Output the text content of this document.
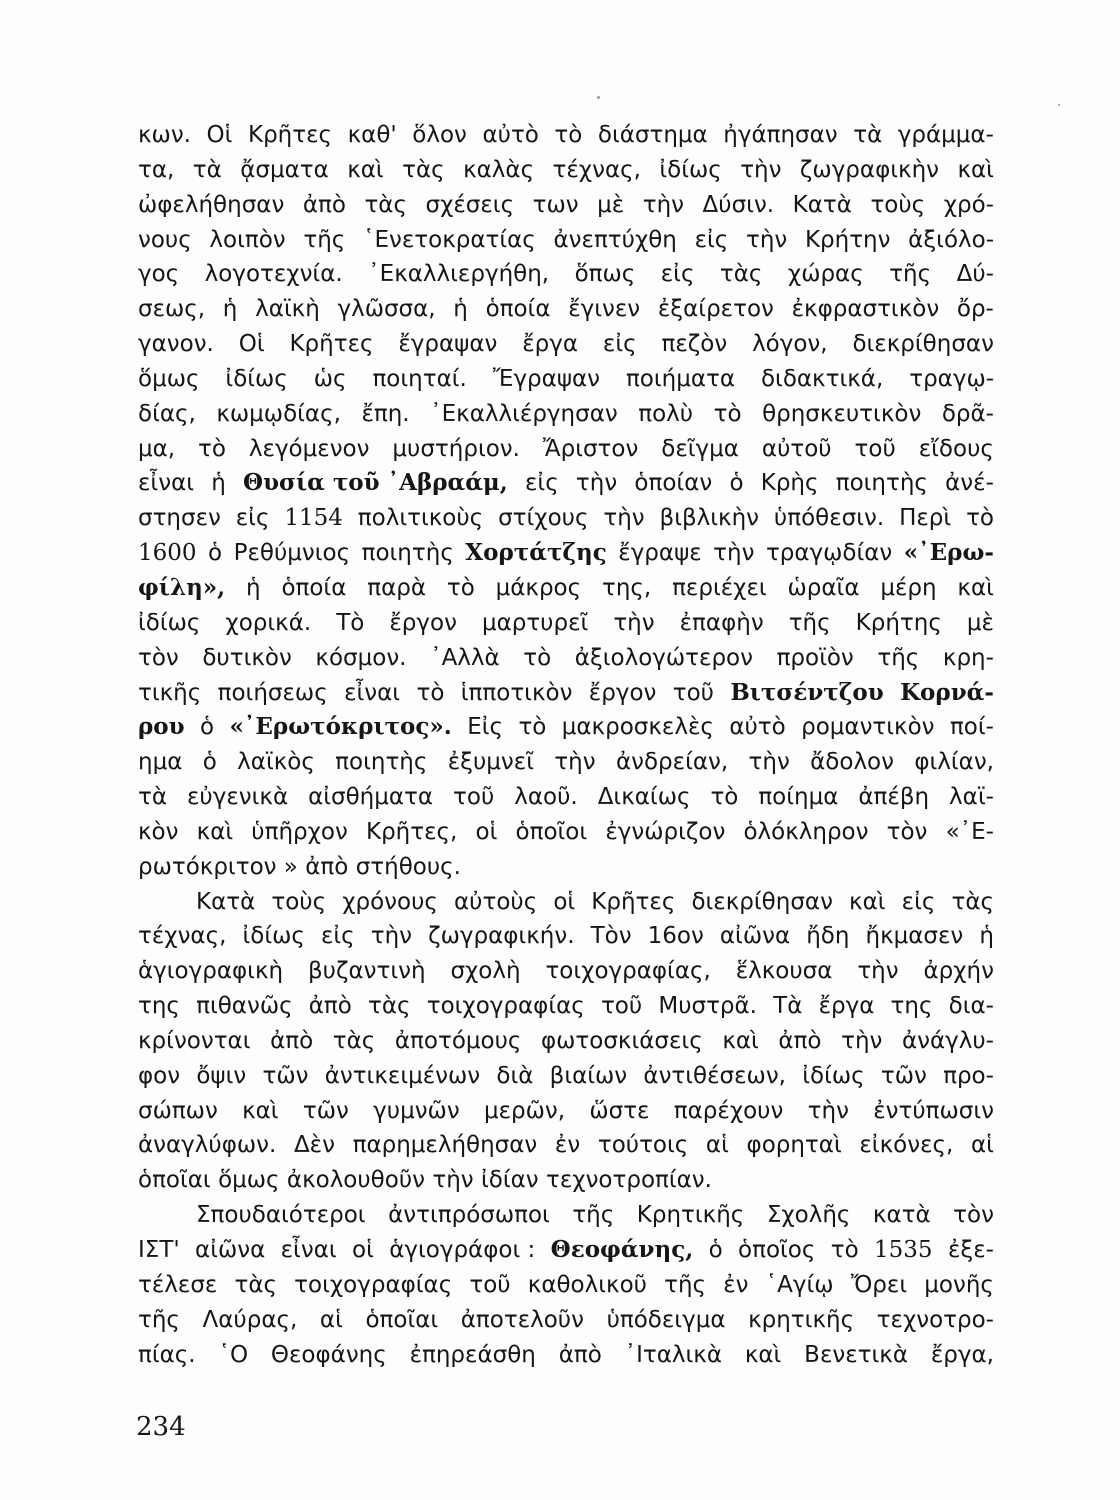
κων. Οἱ Κρῆτες καθ' ὅλον αὐτὸ τὸ διάστημα ἠγάπησαν τὰ γράμμα-
τα, τὰ ᾄσματα καὶ τὰς καλὰς τέχνας, ἰδίως τὴν ζωγραφικὴν καὶ
ὠφελήθησαν ἀπὸ τὰς σχέσεις των μὲ τὴν Δύσιν. Κατὰ τοὺς χρό-
νους λοιπὸν τῆς ῾Ενετοκρατίας ἀνεπτύχθη εἰς τὴν Κρήτην ἀξιόλο-
γος λογοτεχνία. ᾿Εκαλλιεργήθη, ὅπως εἰς τὰς χώρας τῆς Δύ-
σεως, ἡ λαϊκὴ γλῶσσα, ἡ ὁποία ἔγινεν ἐξαίρετον ἐκφραστικὸν ὄρ-
γανον. Οἱ Κρῆτες ἔγραψαν ἔργα εἰς πεζὸν λόγον, διεκρίθησαν
ὅμως ἰδίως ὡς ποιηταί. Ἔγραψαν ποιήματα διδακτικά, τραγῳ-
δίας, κωμῳδίας, ἔπη. ᾿Εκαλλιέργησαν πολὺ τὸ θρησκευτικὸν δρᾶ-
μα, τὸ λεγόμενον μυστήριον. Ἄριστον δεῖγμα αὐτοῦ τοῦ εἴδους
εἶναι ἡ Θυσία τοῦ ᾿Αβραάμ, εἰς τὴν ὁποίαν ὁ Κρὴς ποιητὴς ἀνέ-
στησεν εἰς 1154 πολιτικοὺς στίχους τὴν βιβλικὴν ὑπόθεσιν. Περὶ τὸ
1600 ὁ Ρεθύμνιος ποιητὴς Χορτάτζης ἔγραψε τὴν τραγῳδίαν «᾿Ερω-
φίλη», ἡ ὁποία παρὰ τὸ μάκρος της, περιέχει ὡραῖα μέρη καὶ
ἰδίως χορικά. Τὸ ἔργον μαρτυρεῖ τὴν ἐπαφὴν τῆς Κρήτης μὲ
τὸν δυτικὸν κόσμον. ᾿Αλλὰ τὸ ἀξιολογώτερον προϊὸν τῆς κρη-
τικῆς ποιήσεως εἶναι τὸ ἱπποτικὸν ἔργον τοῦ Βιτσέντζου Κορνά-
ρου ὁ «᾿Ερωτόκριτος». Εἰς τὸ μακροσκελὲς αὐτὸ ρομαντικὸν ποί-
ημα ὁ λαϊκὸς ποιητὴς ἐξυμνεῖ τὴν ἀνδρείαν, τὴν ἄδολον φιλίαν,
τὰ εὐγενικὰ αἰσθήματα τοῦ λαοῦ. Δικαίως τὸ ποίημα ἀπέβη λαϊ-
κὸν καὶ ὑπῆρχον Κρῆτες, οἱ ὁποῖοι ἐγνώριζον ὁλόκληρον τὸν «᾿Ε-
ρωτόκριτον » ἀπὸ στήθους.
Κατὰ τοὺς χρόνους αὐτοὺς οἱ Κρῆτες διεκρίθησαν καὶ εἰς τὰς
τέχνας, ἰδίως εἰς τὴν ζωγραφικήν. Τὸν 16ον αἰῶνα ἤδη ἤκμασεν ἡ
ἁγιογραφικὴ βυζαντινὴ σχολὴ τοιχογραφίας, ἕλκουσα τὴν ἀρχήν
της πιθανῶς ἀπὸ τὰς τοιχογραφίας τοῦ Μυστρᾶ. Τὰ ἔργα της δια-
κρίνονται ἀπὸ τὰς ἀποτόμους φωτοσκιάσεις καὶ ἀπὸ τὴν ἀνάγλυ-
φον ὄψιν τῶν ἀντικειμένων διὰ βιαίων ἀντιθέσεων, ἰδίως τῶν προ-
σώπων καὶ τῶν γυμνῶν μερῶν, ὥστε παρέχουν τὴν ἐντύπωσιν
ἀναγλύφων. Δὲν παρημελήθησαν ἐν τούτοις αἱ φορηταὶ εἰκόνες, αἱ
ὁποῖαι ὅμως ἀκολουθοῦν τὴν ἰδίαν τεχνοτροπίαν.
Σπουδαιότεροι ἀντιπρόσωποι τῆς Κρητικῆς Σχολῆς κατὰ τὸν
ΙΣΤ' αἰῶνα εἶναι οἱ ἁγιογράφοι : Θεοφάνης, ὁ ὁποῖος τὸ 1535 ἐξε-
τέλεσε τὰς τοιχογραφίας τοῦ καθολικοῦ τῆς ἐν ῾Αγίῳ Ὄρει μονῆς
τῆς Λαύρας, αἱ ὁποῖαι ἀποτελοῦν ὑπόδειγμα κρητικῆς τεχνοτρο-
πίας. ῾Ο Θεοφάνης ἐπηρεάσθη ἀπὸ ᾿Ιταλικὰ καὶ Βενετικὰ ἔργα,
234
